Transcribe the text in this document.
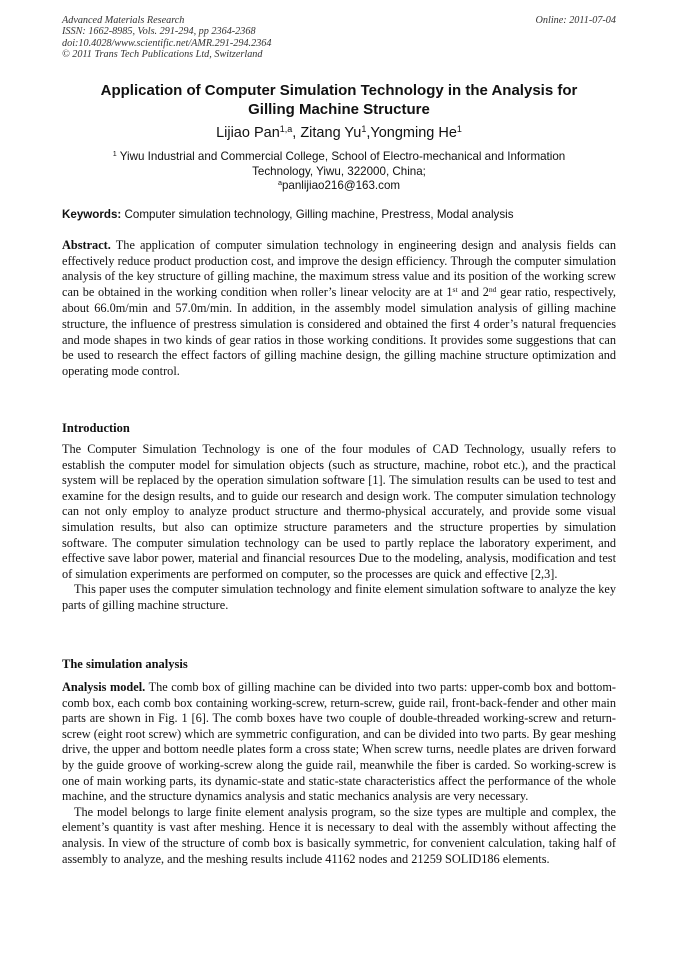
Advanced Materials Research
ISSN: 1662-8985, Vols. 291-294, pp 2364-2368
doi:10.4028/www.scientific.net/AMR.291-294.2364
© 2011 Trans Tech Publications Ltd, Switzerland
Online: 2011-07-04
Application of Computer Simulation Technology in the Analysis for
Gilling Machine Structure
Lijiao Pan$^{1,a}$, Zitang Yu$^1$,Yongming He$^1$
$^1$ Yiwu Industrial and Commercial College, School of Electro-mechanical and Information
Technology, Yiwu, 322000, China;
$^a$panlijiao216@163.com
Keywords: Computer simulation technology, Gilling machine, Prestress, Modal analysis
Abstract. The application of computer simulation technology in engineering design and analysis fields can effectively reduce product production cost, and improve the design efficiency. Through the computer simulation analysis of the key structure of gilling machine, the maximum stress value and its position of the working screw can be obtained in the working condition when roller’s linear velocity are at 1st and 2nd gear ratio, respectively, about 66.0m/min and 57.0m/min. In addition, in the assembly model simulation analysis of gilling machine structure, the influence of prestress simulation is considered and obtained the first 4 order’s natural frequencies and mode shapes in two kinds of gear ratios in those working conditions. It provides some suggestions that can be used to research the effect factors of gilling machine design, the gilling machine structure optimization and operating mode control.
Introduction

The Computer Simulation Technology is one of the four modules of CAD Technology, usually refers to establish the computer model for simulation objects (such as structure, machine, robot etc.), and the practical system will be replaced by the operation simulation software [1]. The simulation results can be used to test and examine for the design results, and to guide our research and design work. The computer simulation technology can not only employ to analyze product structure and thermo-physical accurately, and provide some visual simulation results, but also can optimize structure parameters and the structure properties by simulation software. The computer simulation technology can be used to partly replace the laboratory experiment, and effective save labor power, material and financial resources Due to the modeling, analysis, modification and test of simulation experiments are performed on computer, so the processes are quick and effective [2,3].

This paper uses the computer simulation technology and finite element simulation software to analyze the key parts of gilling machine structure.

The simulation analysis

Analysis model. The comb box of gilling machine can be divided into two parts: upper-comb box and bottom-comb box, each comb box containing working-screw, return-screw, guide rail, front-back-fender and other main parts are shown in Fig. 1 [6]. The comb boxes have two couple of double-threaded working-screw and return-screw (eight root screw) which are symmetric configuration, and can be divided into two parts. By gear meshing drive, the upper and bottom needle plates form a cross state; When screw turns, needle plates are driven forward by the guide groove of working-screw along the guide rail, meanwhile the fiber is carded. So working-screw is one of main working parts, its dynamic-state and static-state characteristics affect the performance of the whole machine, and the structure dynamics analysis and static mechanics analysis are very necessary.

The model belongs to large finite element analysis program, so the size types are multiple and complex, the element’s quantity is vast after meshing. Hence it is necessary to deal with the assembly without affecting the analysis. In view of the structure of comb box is basically symmetric, for convenient calculation, taking half of assembly to analyze, and the meshing results include 41162 nodes and 21259 SOLID186 elements.
